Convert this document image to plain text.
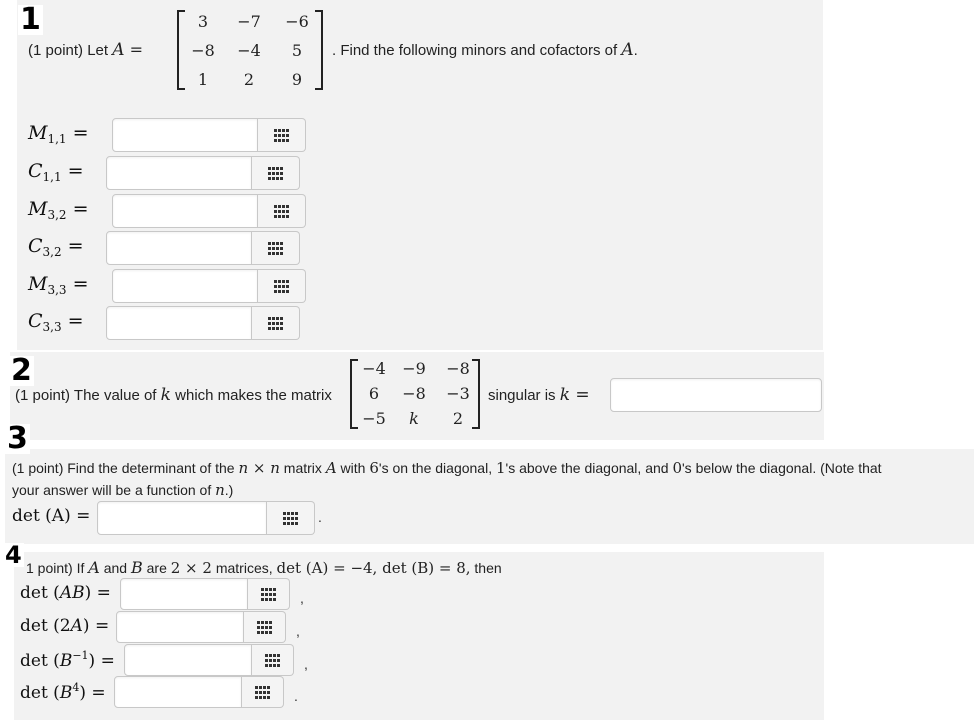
1
(1 point) Let A =
3	−7	−6
−8	−4	5
1	2	9
. Find the following minors and cofactors of A.
$M_{1,1}$ =
$C_{1,1}$ =
$M_{3,2}$ =
$C_{3,2}$ =
$M_{3,3}$ =
$C_{3,3}$ =
2
(1 point) The value of k which makes the matrix
−4	−9	−8
6	−8	−3
−5	k	2
singular is k =
3
(1 point) Find the determinant of the n × n matrix A with 6's on the diagonal, 1's above the diagonal, and 0's below the diagonal. (Note that
your answer will be a function of n.)
det (A) =	.
4 1 point) If A and B are 2 × 2 matrices, det (A) = −4, det (B) = 8, then
det (AB) =	,
det (2A) =	,
$\det (B^{-1})$ =	,
$\det (B^4)$ =	.
